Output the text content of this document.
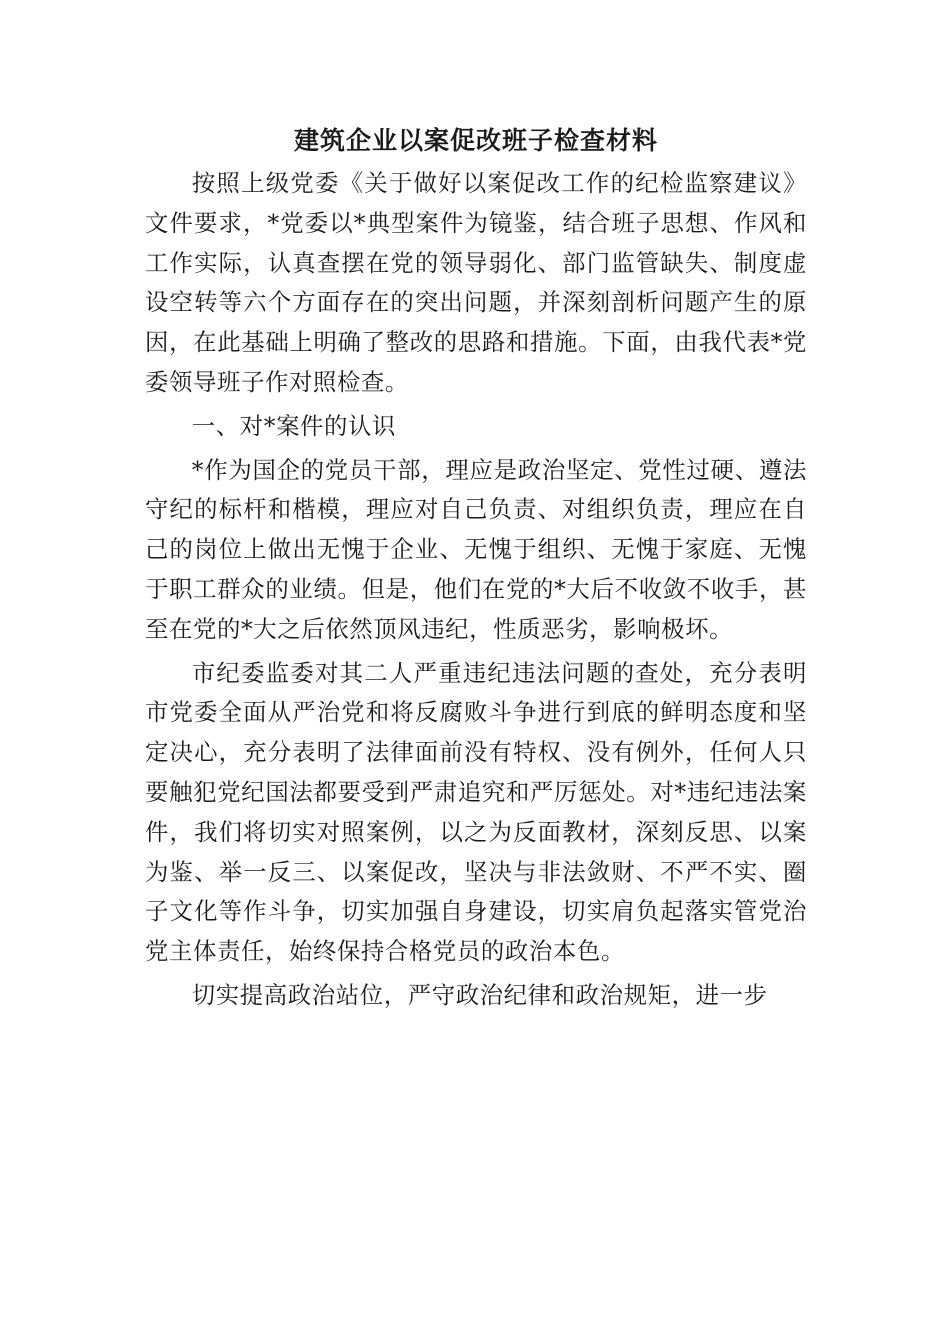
建筑企业以案促改班子检查材料

按照上级党委《关于做好以案促改工作的纪检监察建议》文件要求，*党委以*典型案件为镜鉴，结合班子思想、作风和工作实际，认真查摆在党的领导弱化、部门监管缺失、制度虚设空转等六个方面存在的突出问题，并深刻剖析问题产生的原因，在此基础上明确了整改的思路和措施。下面，由我代表*党委领导班子作对照检查。

一、对*案件的认识

*作为国企的党员干部，理应是政治坚定、党性过硬、遵法守纪的标杆和楷模，理应对自己负责、对组织负责，理应在自己的岗位上做出无愧于企业、无愧于组织、无愧于家庭、无愧于职工群众的业绩。但是，他们在党的*大后不收敛不收手，甚至在党的*大之后依然顶风违纪，性质恶劣，影响极坏。

市纪委监委对其二人严重违纪违法问题的查处，充分表明市党委全面从严治党和将反腐败斗争进行到底的鲜明态度和坚定决心，充分表明了法律面前没有特权、没有例外，任何人只要触犯党纪国法都要受到严肃追究和严厉惩处。对*违纪违法案件，我们将切实对照案例，以之为反面教材，深刻反思、以案为鉴、举一反三、以案促改，坚决与非法敛财、不严不实、圈子文化等作斗争，切实加强自身建设，切实肩负起落实管党治党主体责任，始终保持合格党员的政治本色。

切实提高政治站位，严守政治纪律和政治规矩，进一步
